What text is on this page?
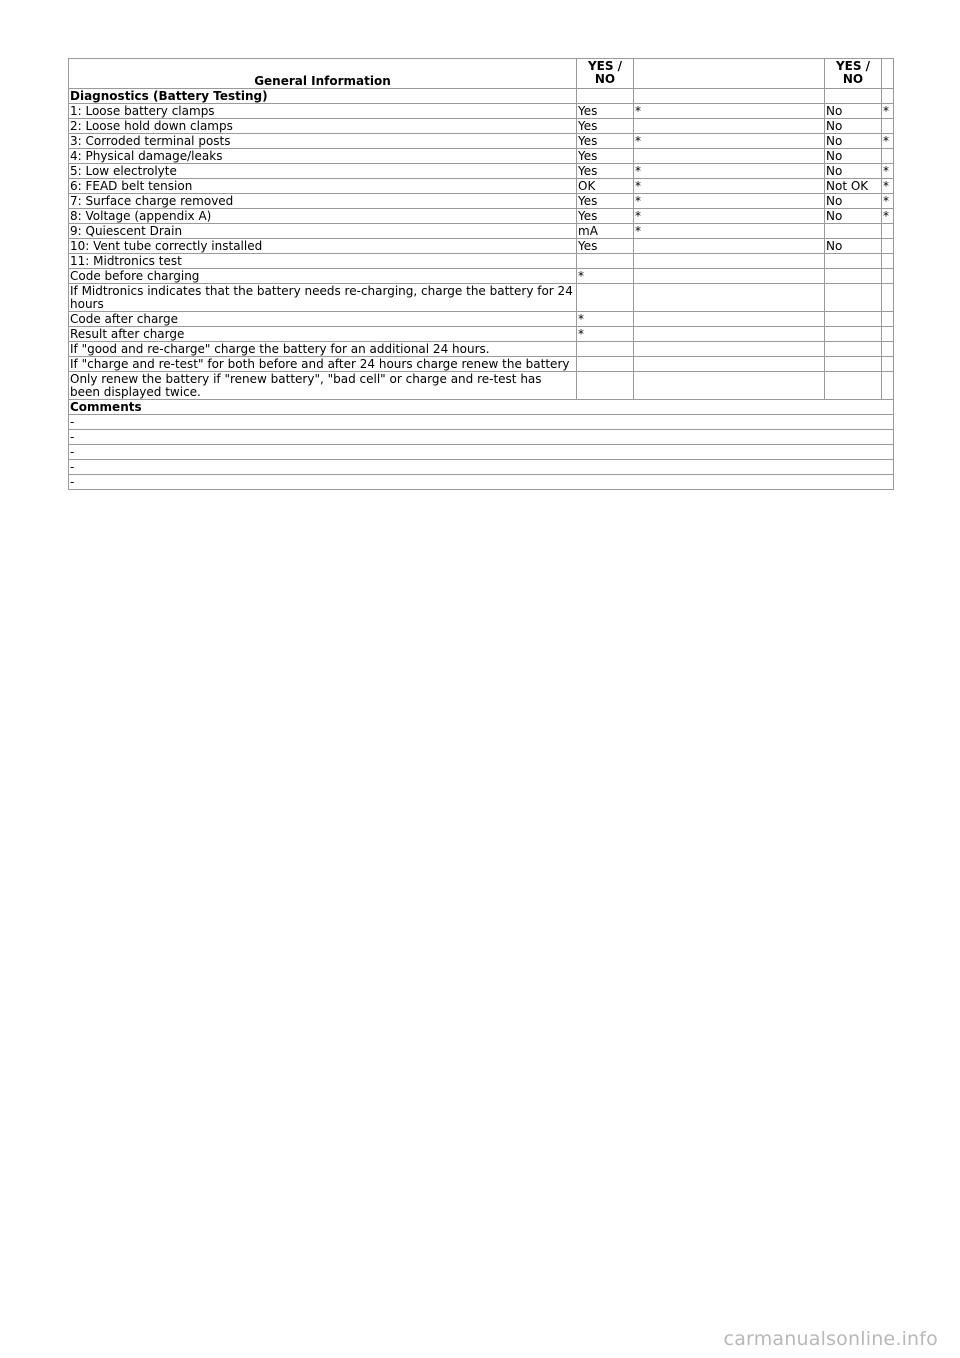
General Information	YES / NO		YES / NO	
Diagnostics (Battery Testing)				
1: Loose battery clamps	Yes	*	No	*
2: Loose hold down clamps	Yes		No	
3: Corroded terminal posts	Yes	*	No	*
4: Physical damage/leaks	Yes		No	
5: Low electrolyte	Yes	*	No	*
6: FEAD belt tension	OK	*	Not OK	*
7: Surface charge removed	Yes	*	No	*
8: Voltage (appendix A)	Yes	*	No	*
9: Quiescent Drain	mA	*		
10: Vent tube correctly installed	Yes		No	
11: Midtronics test				
Code before charging	*			
If Midtronics indicates that the battery needs re-charging, charge the battery for 24 hours				
Code after charge	*			
Result after charge	*			
If "good and re-charge" charge the battery for an additional 24 hours.				
If "charge and re-test" for both before and after 24 hours charge renew the battery				
Only renew the battery if "renew battery", "bad cell" or charge and re-test has been displayed twice.				
Comments				
-				
-				
-				
-				
-				
carmanualsonline.info
